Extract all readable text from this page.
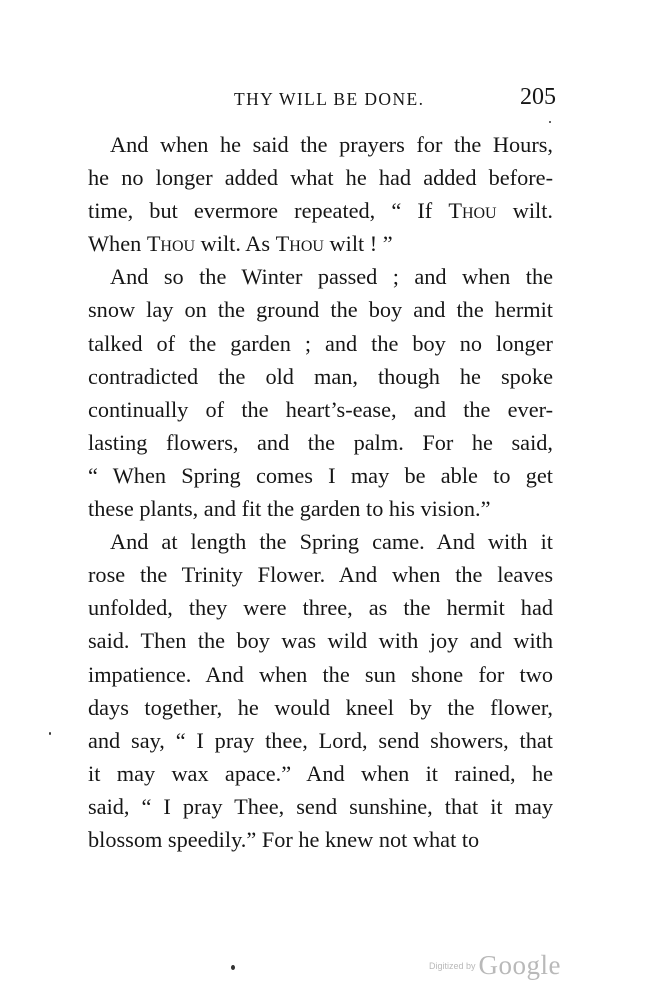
THY WILL BE DONE.	205

And when he said the prayers for the Hours,
he no longer added what he had added before-
time, but evermore repeated, “ If Thou wilt.
When Thou wilt. As Thou wilt ! ”

And so the Winter passed ; and when the
snow lay on the ground the boy and the hermit
talked of the garden ; and the boy no longer
contradicted the old man, though he spoke
continually of the heart’s-ease, and the ever-
lasting flowers, and the palm. For he said,
“ When Spring comes I may be able to get
these plants, and fit the garden to his vision.”

And at length the Spring came. And with it
rose the Trinity Flower. And when the leaves
unfolded, they were three, as the hermit had
said. Then the boy was wild with joy and with
impatience. And when the sun shone for two
days together, he would kneel by the flower,
and say, “ I pray thee, Lord, send showers, that
it may wax apace.” And when it rained, he
said, “ I pray Thee, send sunshine, that it may
blossom speedily.” For he knew not what to

Digitized by Google
